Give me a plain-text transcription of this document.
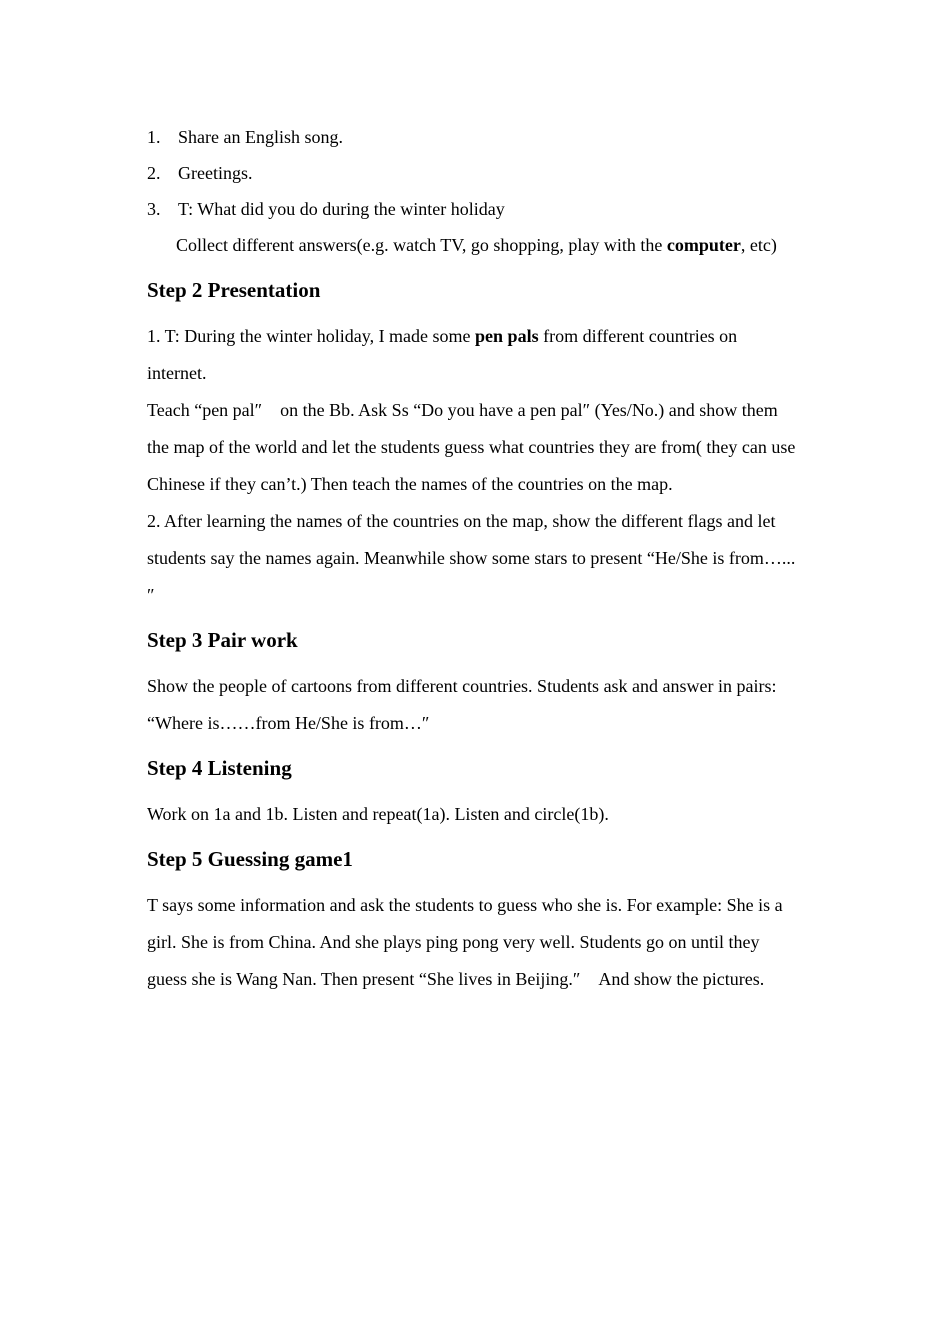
1. Share an English song.
2. Greetings.
3. T: What did you do during the winter holiday

Collect different answers(e.g. watch TV, go shopping, play with the computer, etc)

Step 2 Presentation

1. T: During the winter holiday, I made some pen pals from different countries on internet.

Teach “pen pal″　on the Bb. Ask Ss “Do you have a pen pal″ (Yes/No.) and show them the map of the world and let the students guess what countries they are from( they can use Chinese if they can’t.) Then teach the names of the countries on the map.

2. After learning the names of the countries on the map, show the different flags and let students say the names again. Meanwhile show some stars to present “He/She is from…...″

Step 3 Pair work

Show the people of cartoons from different countries. Students ask and answer in pairs: “Where is……from He/She is from…″

Step 4 Listening

Work on 1a and 1b. Listen and repeat(1a). Listen and circle(1b).

Step 5 Guessing game1

T says some information and ask the students to guess who she is. For example: She is a girl. She is from China. And she plays ping pong very well. Students go on until they guess she is Wang Nan. Then present “She lives in Beijing.″　And show the pictures.
